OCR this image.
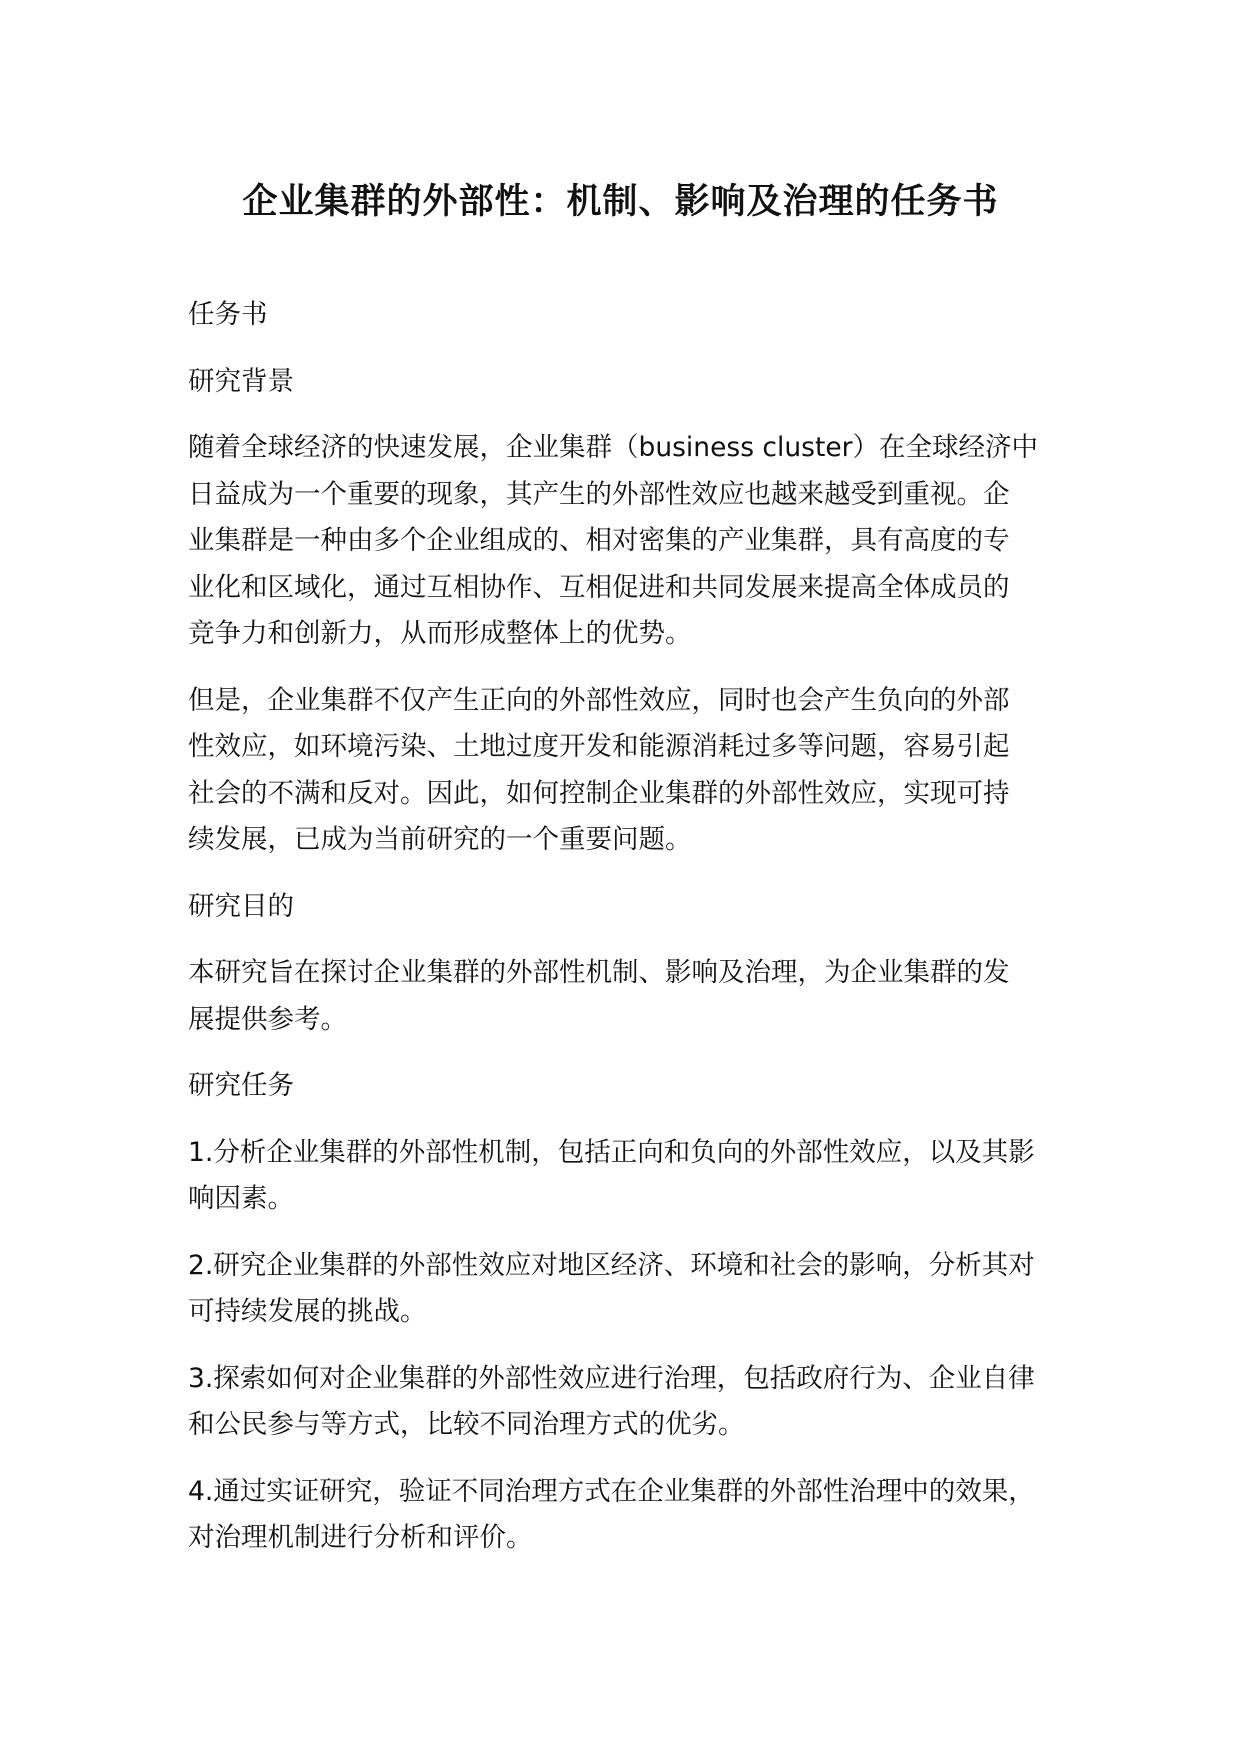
企业集群的外部性：机制、影响及治理的任务书

任务书

研究背景

随着全球经济的快速发展，企业集群（business cluster）在全球经济中
日益成为一个重要的现象，其产生的外部性效应也越来越受到重视。企
业集群是一种由多个企业组成的、相对密集的产业集群，具有高度的专
业化和区域化，通过互相协作、互相促进和共同发展来提高全体成员的
竞争力和创新力，从而形成整体上的优势。

但是，企业集群不仅产生正向的外部性效应，同时也会产生负向的外部
性效应，如环境污染、土地过度开发和能源消耗过多等问题，容易引起
社会的不满和反对。因此，如何控制企业集群的外部性效应，实现可持
续发展，已成为当前研究的一个重要问题。

研究目的

本研究旨在探讨企业集群的外部性机制、影响及治理，为企业集群的发
展提供参考。

研究任务

1.分析企业集群的外部性机制，包括正向和负向的外部性效应，以及其影
响因素。

2.研究企业集群的外部性效应对地区经济、环境和社会的影响，分析其对
可持续发展的挑战。

3.探索如何对企业集群的外部性效应进行治理，包括政府行为、企业自律
和公民参与等方式，比较不同治理方式的优劣。

4.通过实证研究，验证不同治理方式在企业集群的外部性治理中的效果，
对治理机制进行分析和评价。
